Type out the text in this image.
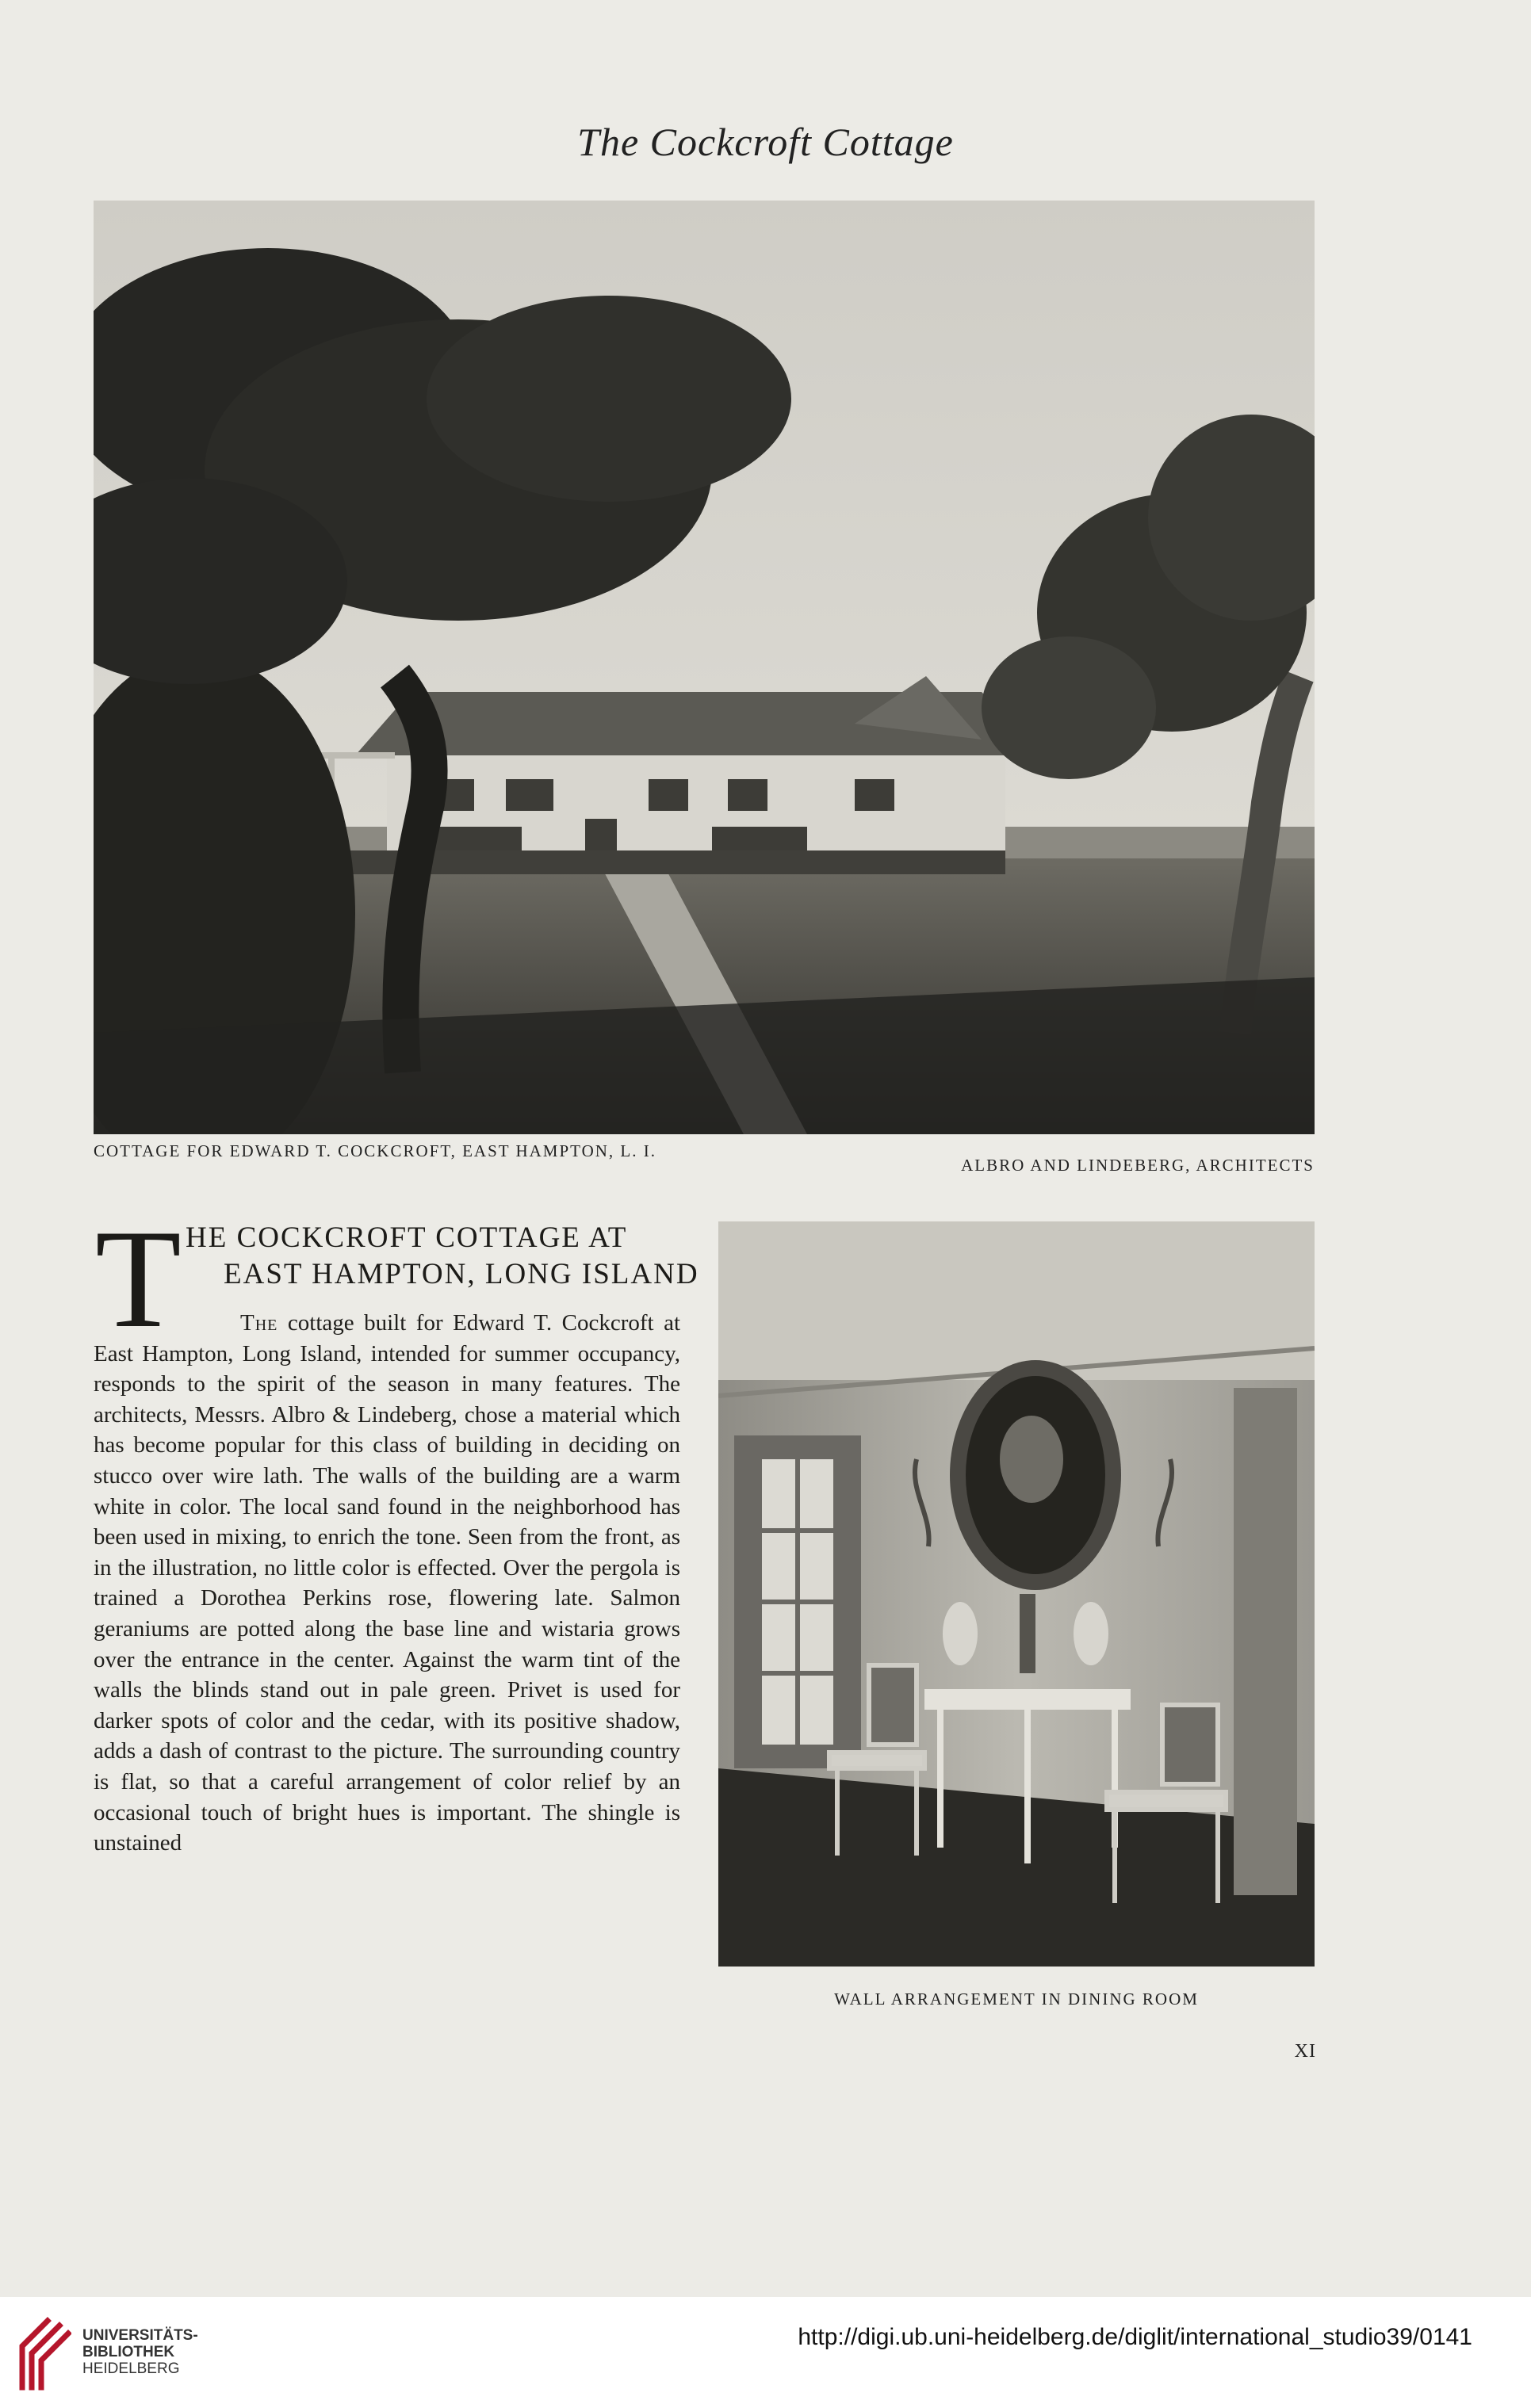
The Cockcroft Cottage
COTTAGE FOR EDWARD T. COCKCROFT, EAST HAMPTON, L. I.
ALBRO AND LINDEBERG, ARCHITECTS
T HE COCKCROFT COTTAGE AT
EAST HAMPTON, LONG ISLAND
The cottage built for Edward T. Cockcroft at East Hampton, Long Island, intended for summer occupancy, responds to the spirit of the season in many features. The architects, Messrs. Albro & Lindeberg, chose a material which has become popular for this class of building in deciding on stucco over wire lath. The walls of the building are a warm white in color. The local sand found in the neighborhood has been used in mixing, to enrich the tone. Seen from the front, as in the illustration, no little color is effected. Over the pergola is trained a Dorothea Perkins rose, flowering late. Salmon geraniums are potted along the base line and wistaria grows over the entrance in the center. Against the warm tint of the walls the blinds stand out in pale green. Privet is used for darker spots of color and the cedar, with its positive shadow, adds a dash of contrast to the picture. The surrounding country is flat, so that a careful arrangement of color relief by an occasional touch of bright hues is important. The shingle is unstained
WALL ARRANGEMENT IN DINING ROOM
XI
UNIVERSITÄTS-
BIBLIOTHEK
HEIDELBERG
http://digi.ub.uni-heidelberg.de/diglit/international_studio39/0141
